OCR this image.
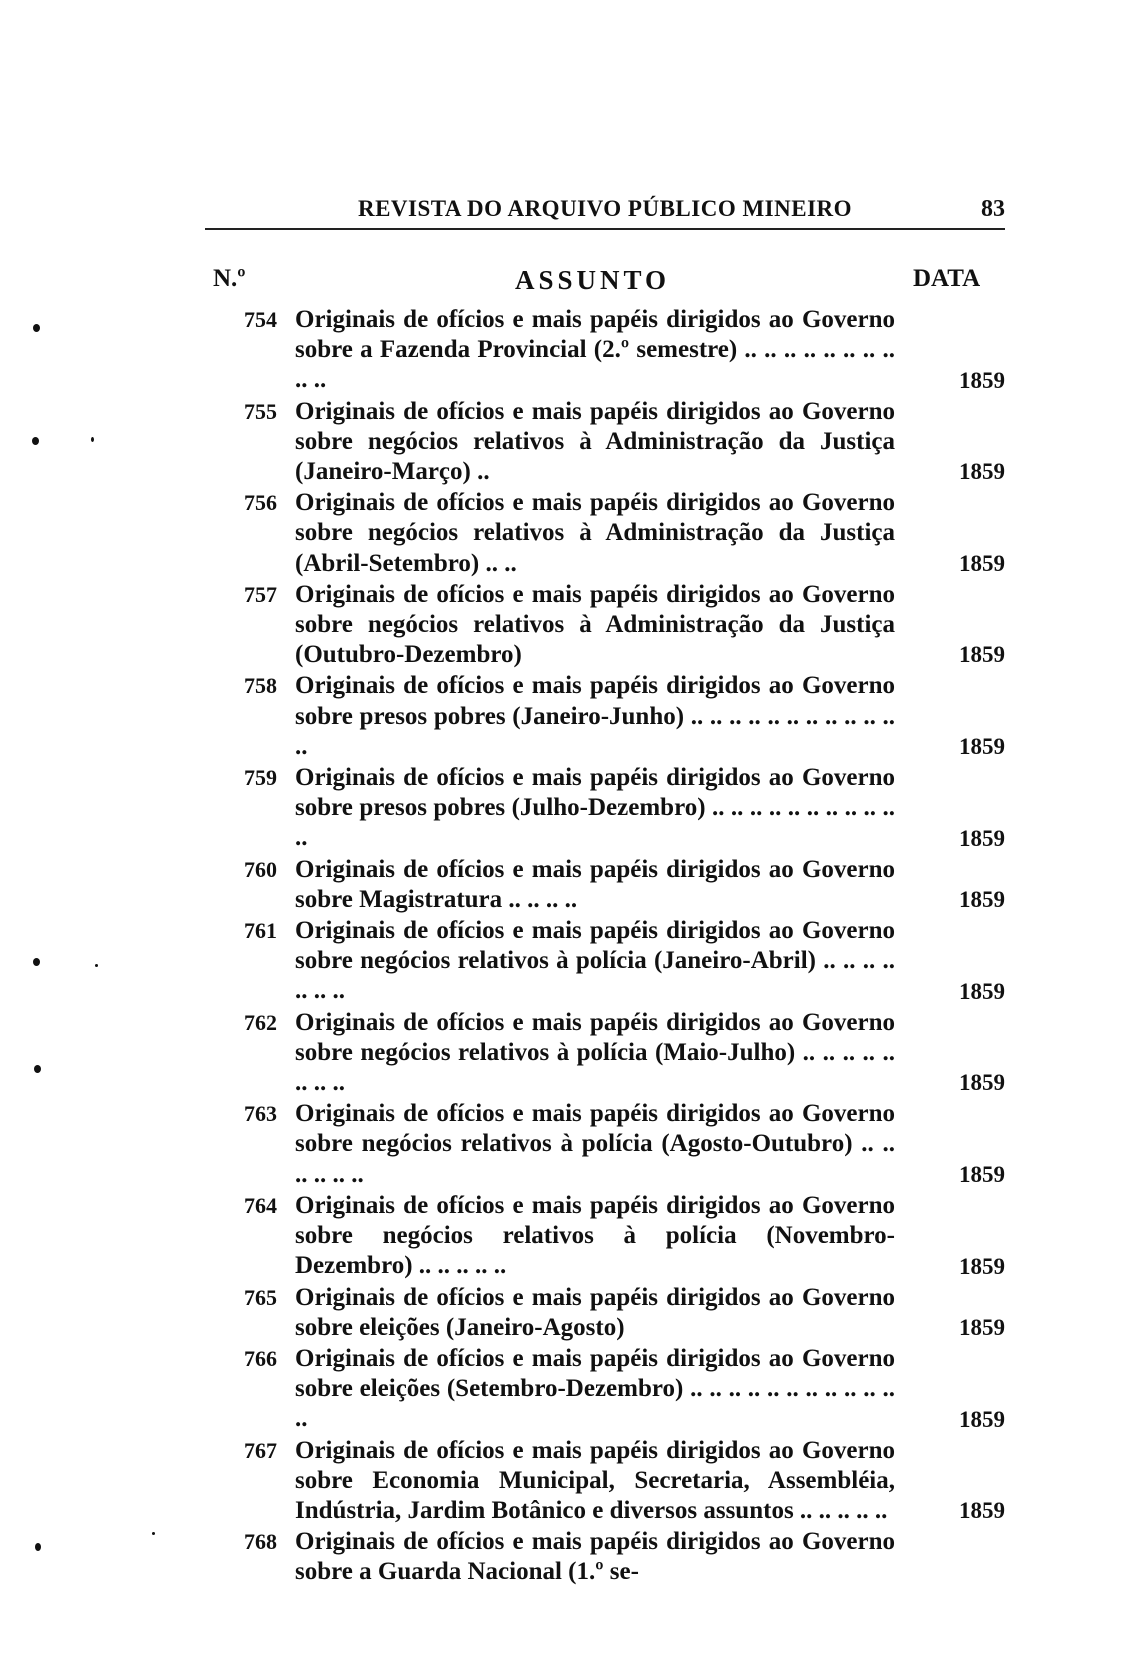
REVISTA DO ARQUIVO PÚBLICO MINEIRO	83
N.º	ASSUNTO	DATA
754 Originais de ofícios e mais papéis dirigidos ao Governo sobre a Fazenda Provincial (2.º semestre) .. .. .. .. .. .. .. .. .. ..	1859
755 Originais de ofícios e mais papéis dirigidos ao Governo sobre negócios relativos à Administração da Justiça (Janeiro-Março) ..	1859
756 Originais de ofícios e mais papéis dirigidos ao Governo sobre negócios relativos à Administração da Justiça (Abril-Setembro) .. ..	1859
757 Originais de ofícios e mais papéis dirigidos ao Governo sobre negócios relativos à Administração da Justiça (Outubro-Dezembro)	1859
758 Originais de ofícios e mais papéis dirigidos ao Governo sobre presos pobres (Janeiro-Junho) .. .. .. .. .. .. .. .. .. .. .. ..	1859
759 Originais de ofícios e mais papéis dirigidos ao Governo sobre presos pobres (Julho-Dezembro) .. .. .. .. .. .. .. .. .. .. ..	1859
760 Originais de ofícios e mais papéis dirigidos ao Governo sobre Magistratura .. .. .. ..	1859
761 Originais de ofícios e mais papéis dirigidos ao Governo sobre negócios relativos à polícia (Janeiro-Abril) .. .. .. .. .. .. ..	1859
762 Originais de ofícios e mais papéis dirigidos ao Governo sobre negócios relativos à polícia (Maio-Julho) .. .. .. .. .. .. .. ..	1859
763 Originais de ofícios e mais papéis dirigidos ao Governo sobre negócios relativos à polícia (Agosto-Outubro) .. .. .. .. .. ..	1859
764 Originais de ofícios e mais papéis dirigidos ao Governo sobre negócios relativos à polícia (Novembro-Dezembro) .. .. .. .. ..	1859
765 Originais de ofícios e mais papéis dirigidos ao Governo sobre eleições (Janeiro-Agosto)	1859
766 Originais de ofícios e mais papéis dirigidos ao Governo sobre eleições (Setembro-Dezembro) .. .. .. .. .. .. .. .. .. .. .. ..	1859
767 Originais de ofícios e mais papéis dirigidos ao Governo sobre Economia Municipal, Secretaria, Assembléia, Indústria, Jardim Botânico e diversos assuntos .. .. .. .. ..	1859
768 Originais de ofícios e mais papéis dirigidos ao Governo sobre a Guarda Nacional (1.º se-
